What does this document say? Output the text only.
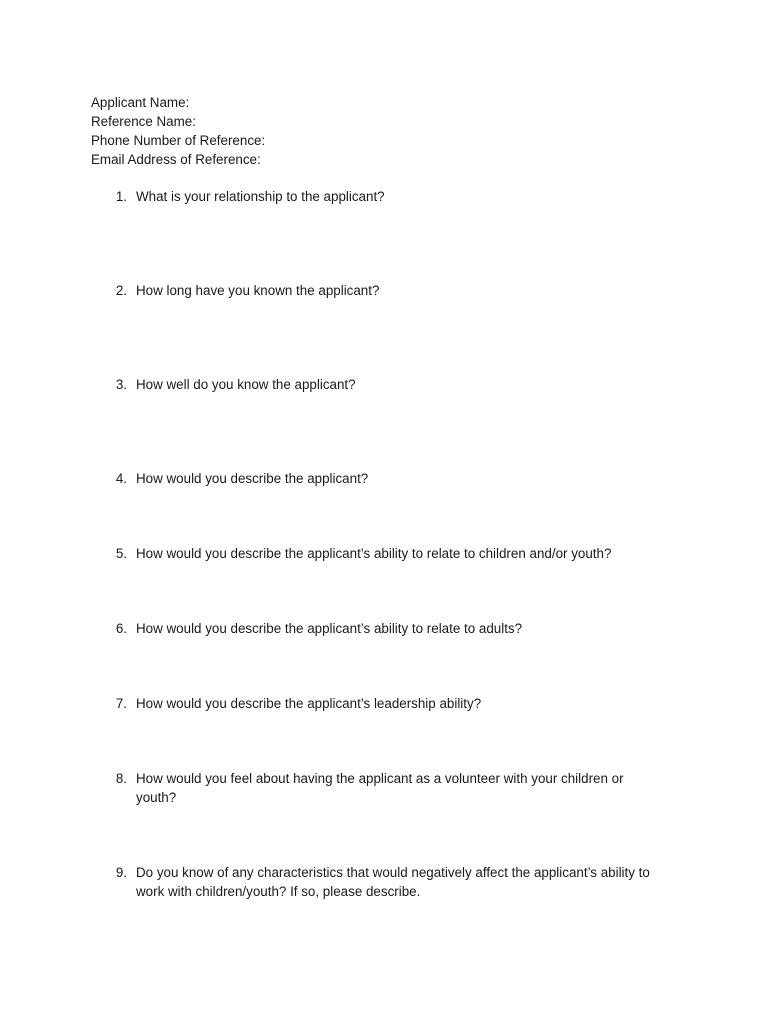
Applicant Name:
Reference Name:
Phone Number of Reference:
Email Address of Reference:
1. What is your relationship to the applicant?
2. How long have you known the applicant?
3. How well do you know the applicant?
4. How would you describe the applicant?
5. How would you describe the applicant’s ability to relate to children and/or youth?
6. How would you describe the applicant’s ability to relate to adults?
7. How would you describe the applicant’s leadership ability?
8. How would you feel about having the applicant as a volunteer with your children or youth?
9. Do you know of any characteristics that would negatively affect the applicant’s ability to work with children/youth? If so, please describe.
